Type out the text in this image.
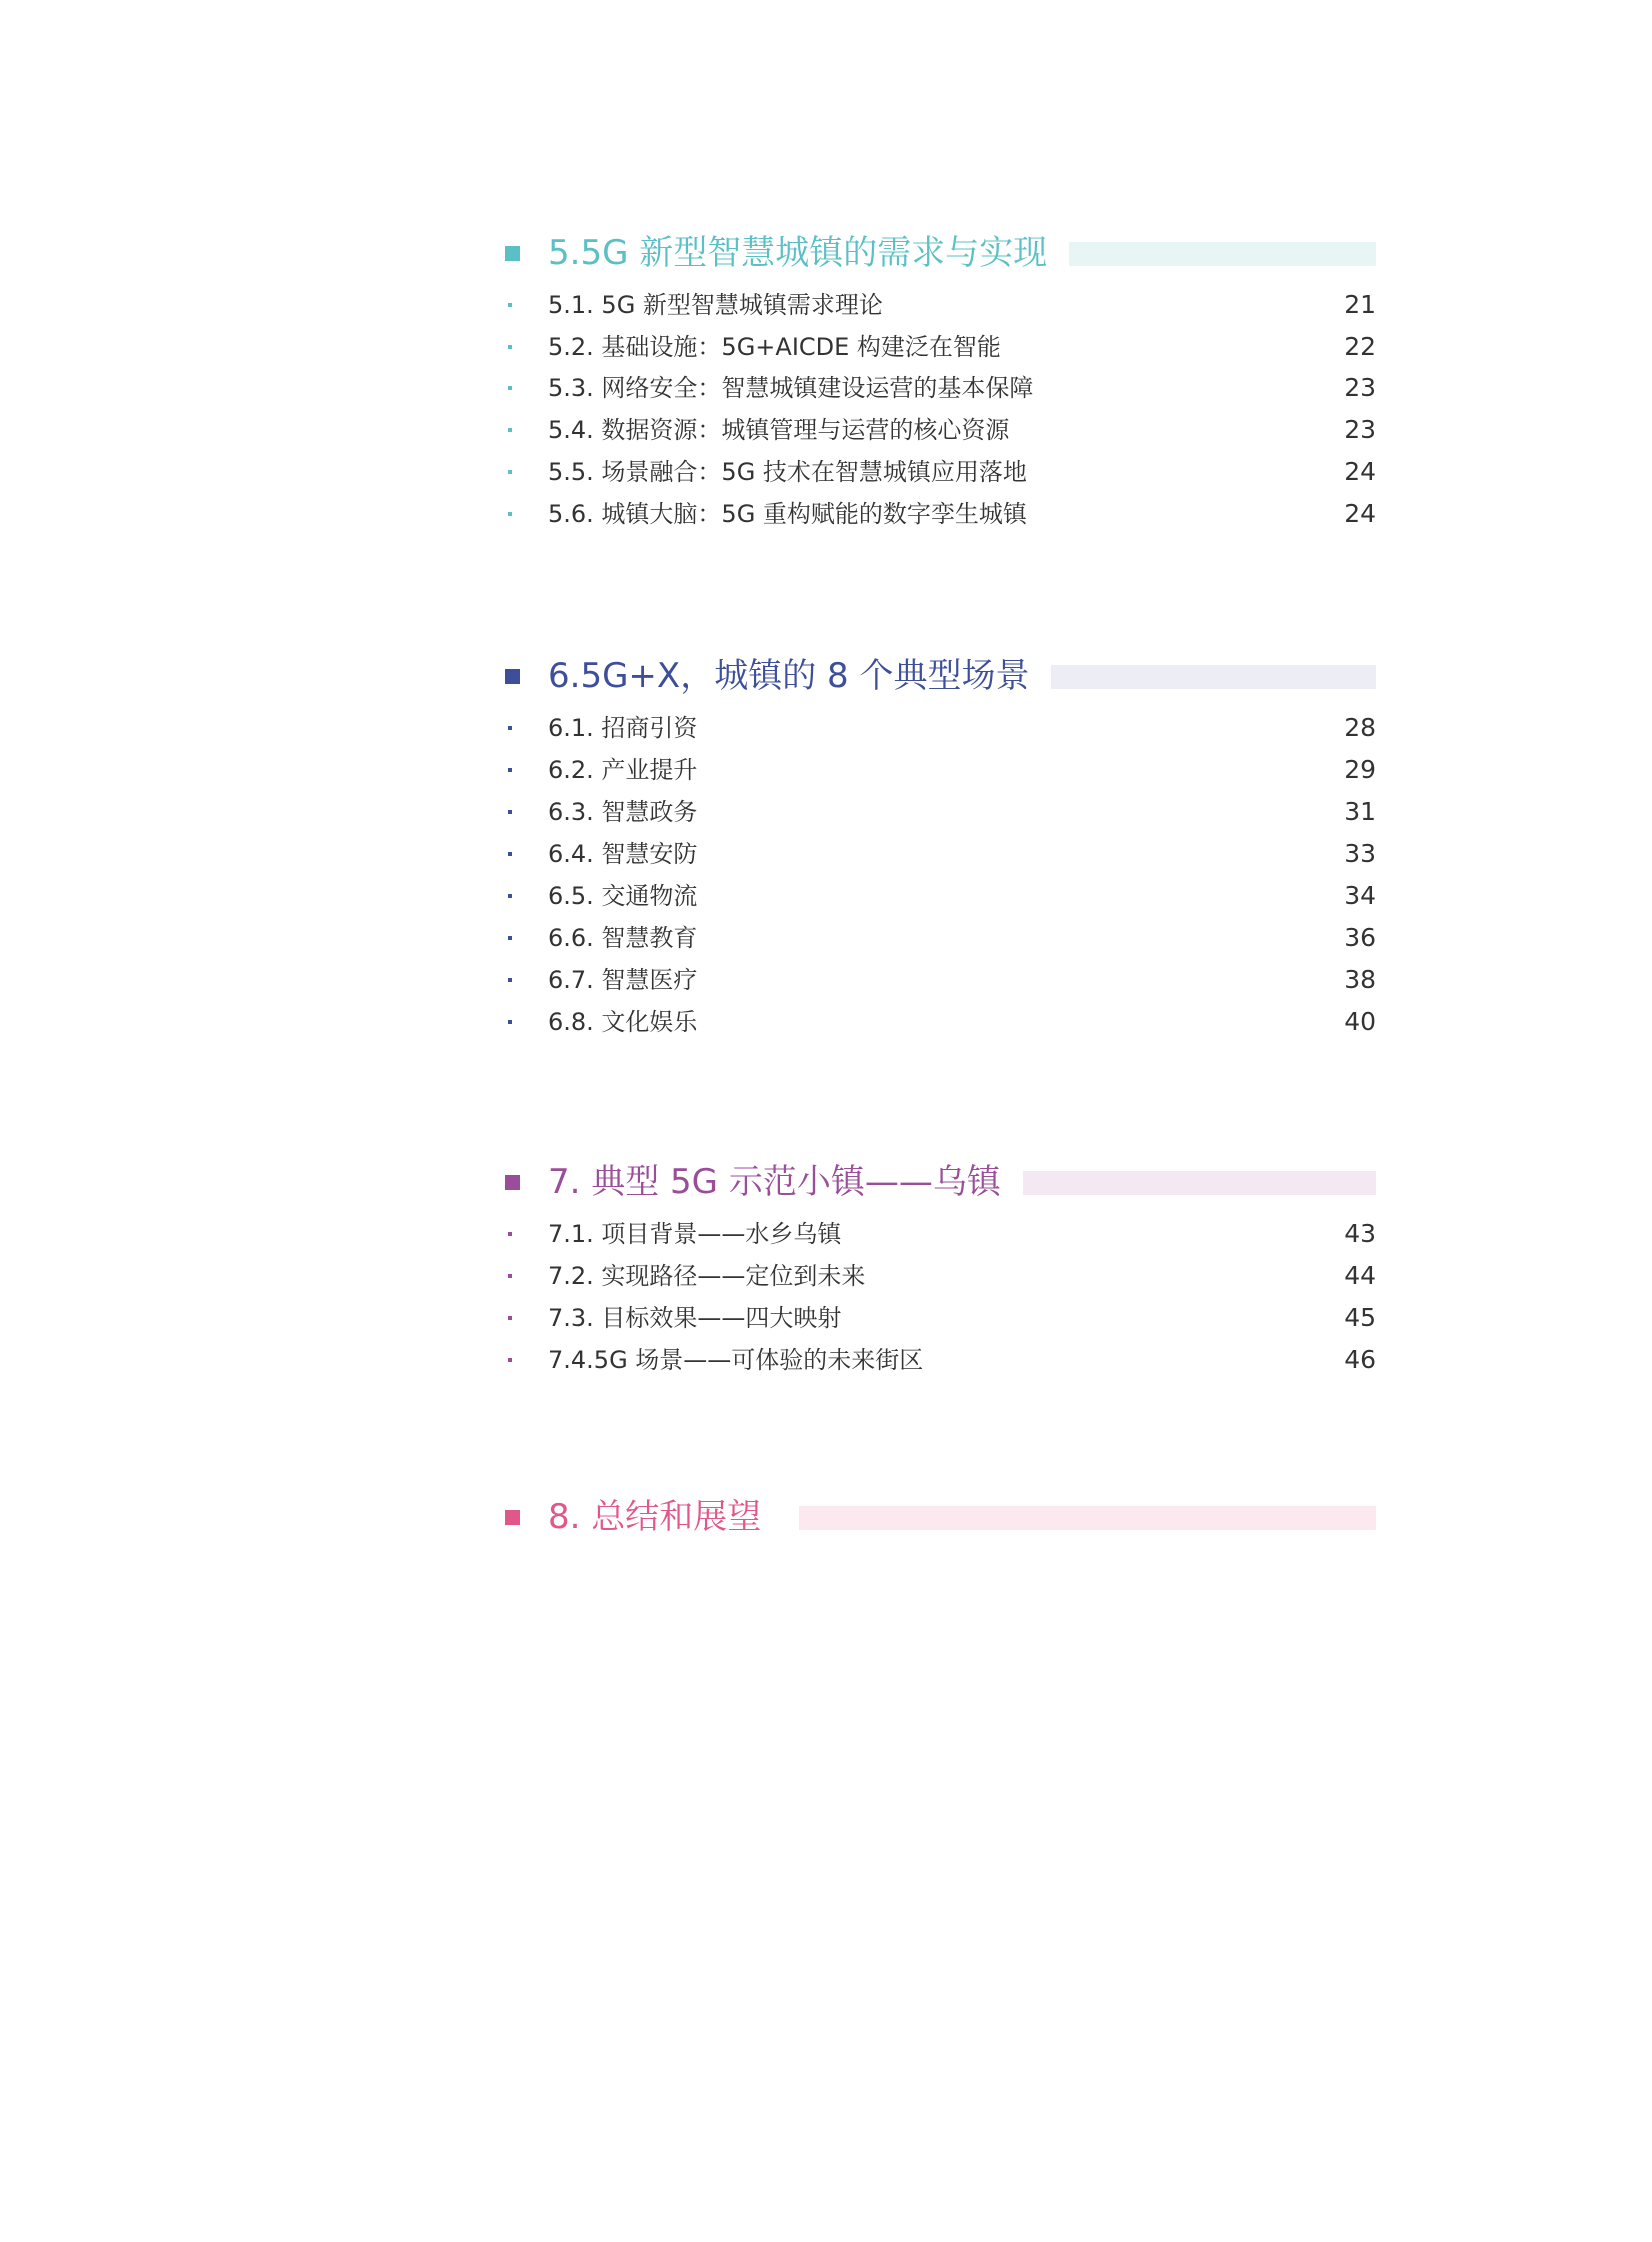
5.5G 新型智慧城镇的需求与实现
5.1. 5G 新型智慧城镇需求理论	21
5.2. 基础设施：5G+AICDE 构建泛在智能	22
5.3. 网络安全：智慧城镇建设运营的基本保障	23
5.4. 数据资源：城镇管理与运营的核心资源	23
5.5. 场景融合：5G 技术在智慧城镇应用落地	24
5.6. 城镇大脑：5G 重构赋能的数字孪生城镇	24
6.5G+X，城镇的 8 个典型场景
6.1. 招商引资	28
6.2. 产业提升	29
6.3. 智慧政务	31
6.4. 智慧安防	33
6.5. 交通物流	34
6.6. 智慧教育	36
6.7. 智慧医疗	38
6.8. 文化娱乐	40
7. 典型 5G 示范小镇——乌镇
7.1. 项目背景——水乡乌镇	43
7.2. 实现路径——定位到未来	44
7.3. 目标效果——四大映射	45
7.4.5G 场景——可体验的未来街区	46
8. 总结和展望
